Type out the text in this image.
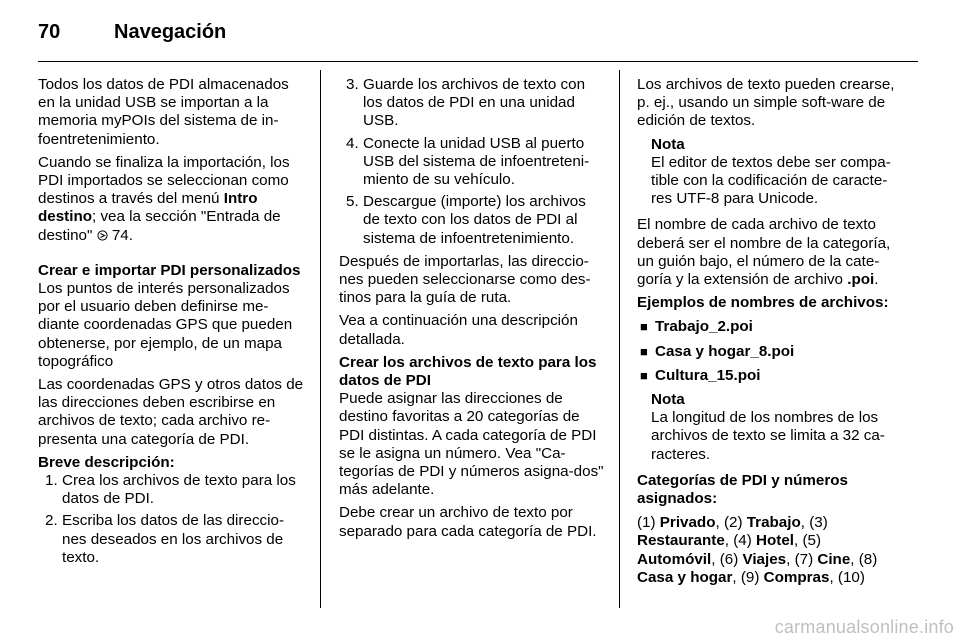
70	Navegación

Todos los datos de PDI almacenados en la unidad USB se importan a la memoria myPOIs del sistema de in-foentretenimiento.

Cuando se finaliza la importación, los PDI importados se seleccionan como destinos a través del menú Intro destino; vea la sección "Entrada de destino"  74.

Crear e importar PDI personalizados

Los puntos de interés personalizados por el usuario deben definirse me-diante coordenadas GPS que pueden obtenerse, por ejemplo, de un mapa topográfico

Las coordenadas GPS y otros datos de las direcciones deben escribirse en archivos de texto; cada archivo re-presenta una categoría de PDI.

Breve descripción:

1. Crea los archivos de texto para los datos de PDI.
2. Escriba los datos de las direccio-nes deseados en los archivos de texto.
3. Guarde los archivos de texto con los datos de PDI en una unidad USB.
4. Conecte la unidad USB al puerto USB del sistema de infoentreteni-miento de su vehículo.
5. Descargue (importe) los archivos de texto con los datos de PDI al sistema de infoentretenimiento.

Después de importarlas, las direccio-nes pueden seleccionarse como des-tinos para la guía de ruta.

Vea a continuación una descripción detallada.

Crear los archivos de texto para los datos de PDI

Puede asignar las direcciones de destino favoritas a 20 categorías de PDI distintas. A cada categoría de PDI se le asigna un número. Vea "Ca-tegorías de PDI y números asigna-dos" más adelante.

Debe crear un archivo de texto por separado para cada categoría de PDI.

Los archivos de texto pueden crearse, p. ej., usando un simple soft-ware de edición de textos.

Nota
El editor de textos debe ser compa-tible con la codificación de caracte-res UTF-8 para Unicode.

El nombre de cada archivo de texto deberá ser el nombre de la categoría, un guión bajo, el número de la cate-goría y la extensión de archivo .poi.

Ejemplos de nombres de archivos:

■ Trabajo_2.poi
■ Casa y hogar_8.poi
■ Cultura_15.poi
Nota
La longitud de los nombres de los archivos de texto se limita a 32 ca-racteres.

Categorías de PDI y números asignados:

(1) Privado, (2) Trabajo, (3)
Restaurante, (4) Hotel, (5)
Automóvil, (6) Viajes, (7) Cine, (8)
Casa y hogar, (9) Compras, (10)

carmanualsonline.info
